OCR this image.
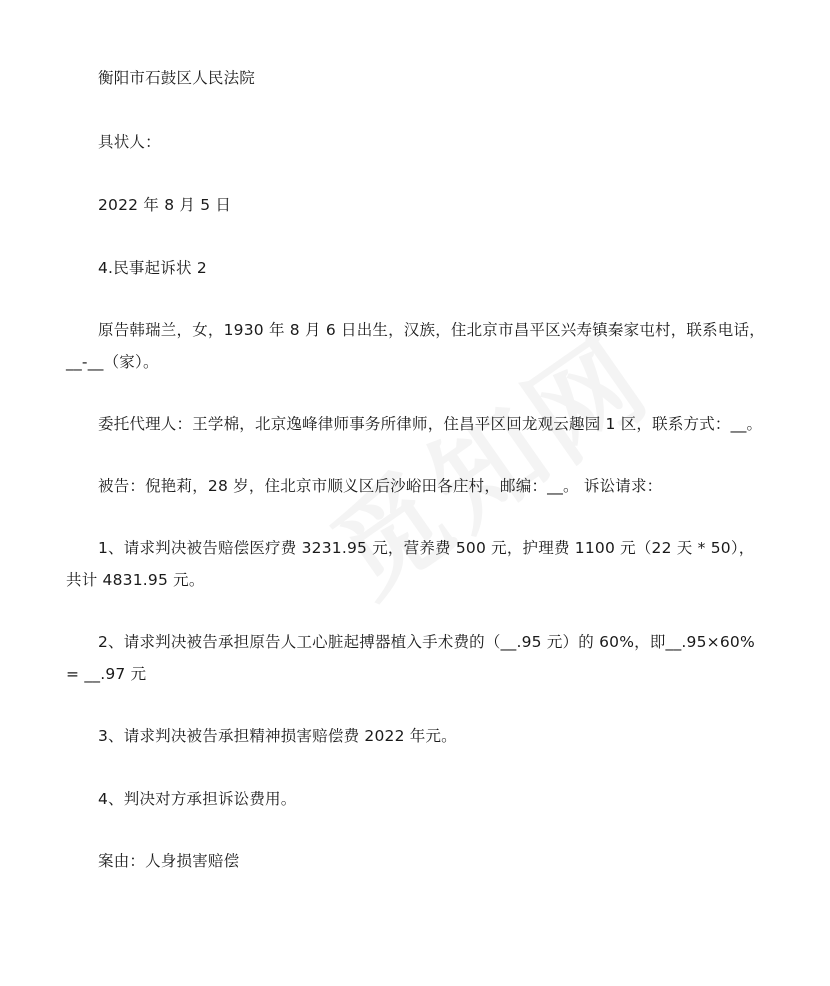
衡阳市石鼓区人民法院

具状人：

2022 年 8 月 5 日

4.民事起诉状 2

原告韩瑞兰，女，1930 年 8 月 6 日出生，汉族，住北京市昌平区兴寿镇秦家屯村，联系电话，__-__（家）。

委托代理人：王学棉，北京逸峰律师事务所律师，住昌平区回龙观云趣园 1 区，联系方式：__。

被告：倪艳莉，28 岁，住北京市顺义区后沙峪田各庄村，邮编：__。 诉讼请求：

1、请求判决被告赔偿医疗费 3231.95 元，营养费 500 元，护理费 1100 元（22 天 * 50），共计 4831.95 元。

2、请求判决被告承担原告人工心脏起搏器植入手术费的（__.95 元）的 60%，即__.95×60% = __.97 元

3、请求判决被告承担精神损害赔偿费 2022 年元。

4、判决对方承担诉讼费用。

案由：人身损害赔偿
